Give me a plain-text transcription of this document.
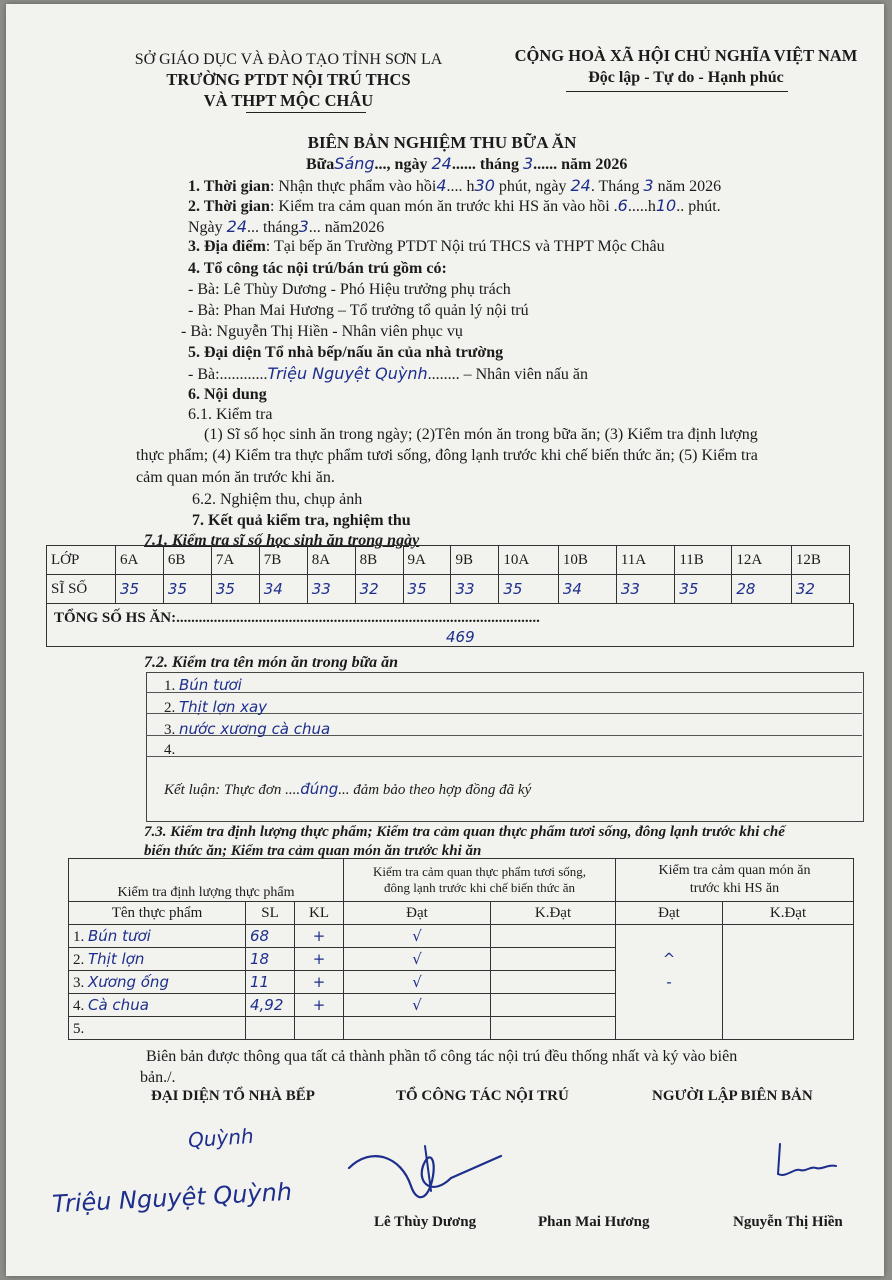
SỞ GIÁO DỤC VÀ ĐÀO TẠO TỈNH SƠN LA
TRƯỜNG PTDT NỘI TRÚ THCS
VÀ THPT MỘC CHÂU
CỘNG HOÀ XÃ HỘI CHỦ NGHĨA VIỆT NAM
Độc lập - Tự do - Hạnh phúc
BIÊN BẢN NGHIỆM THU BỮA ĂN
BữaSáng..., ngày 24...... tháng 3...... năm 2026
1. Thời gian: Nhận thực phẩm vào hồi4.... h30 phút, ngày 24. Tháng 3 năm 2026
2. Thời gian: Kiểm tra cảm quan món ăn trước khi HS ăn vào hồi .6.....h10.. phút.
Ngày 24... tháng3... năm2026
3. Địa điểm: Tại bếp ăn Trường PTDT Nội trú THCS và THPT Mộc Châu
4. Tổ công tác nội trú/bán trú gồm có:
- Bà: Lê Thùy Dương - Phó Hiệu trưởng phụ trách
- Bà: Phan Mai Hương – Tổ trưởng tổ quản lý nội trú
- Bà: Nguyễn Thị Hiền - Nhân viên phục vụ
5. Đại diện Tổ nhà bếp/nấu ăn của nhà trường
- Bà:............Triệu Nguyệt Quỳnh........ – Nhân viên nấu ăn
6. Nội dung
6.1. Kiểm tra
(1) Sĩ số học sinh ăn trong ngày; (2)Tên món ăn trong bữa ăn; (3) Kiểm tra định lượng
thực phẩm; (4) Kiểm tra thực phẩm tươi sống, đông lạnh trước khi chế biến thức ăn; (5) Kiểm tra
cảm quan món ăn trước khi ăn.
6.2. Nghiệm thu, chụp ảnh
7. Kết quả kiểm tra, nghiệm thu
7.1. Kiểm tra sĩ số học sinh ăn trong ngày
LỚP	6A	6B	7A	7B	8A	8B	9A	9B	10A	10B	11A	11B	12A	12B
SĨ SỐ	35	35	35	34	33	32	35	33	35	34	33	35	28	32
TỔNG SỐ HS ĂN:.................................................................................................
469
7.2. Kiểm tra tên món ăn trong bữa ăn
1. Bún tươi
2. Thịt lợn xay
3. nước xương cà chua
4.
Kết luận: Thực đơn ....đúng... đảm bảo theo hợp đồng đã ký
7.3. Kiểm tra định lượng thực phẩm; Kiểm tra cảm quan thực phẩm tươi sống, đông lạnh trước khi chế
biến thức ăn; Kiểm tra cảm quan món ăn trước khi ăn
Kiểm tra định lượng thực phẩm			Kiểm tra cảm quan thực phẩm tươi sống,
đông lạnh trước khi chế biến thức ăn		Kiểm tra cảm quan món ăn
trước khi HS ăn	
Tên thực phẩm	SL	KL	Đạt	K.Đạt	Đạt	K.Đạt
1. Bún tươi	68	+	√			
2. Thịt lợn	18	+	√		^	
3. Xương ống	11	+	√		-	
4. Cà chua	4,92	+	√			
5.						
Biên bản được thông qua tất cả thành phần tổ công tác nội trú đều thống nhất và ký vào biên
bản./.
ĐẠI DIỆN TỔ NHÀ BẾP	TỔ CÔNG TÁC NỘI TRÚ	NGƯỜI LẬP BIÊN BẢN
Quỳnh
Triệu Nguyệt Quỳnh
Lê Thùy Dương	Phan Mai Hương	Nguyễn Thị Hiền
